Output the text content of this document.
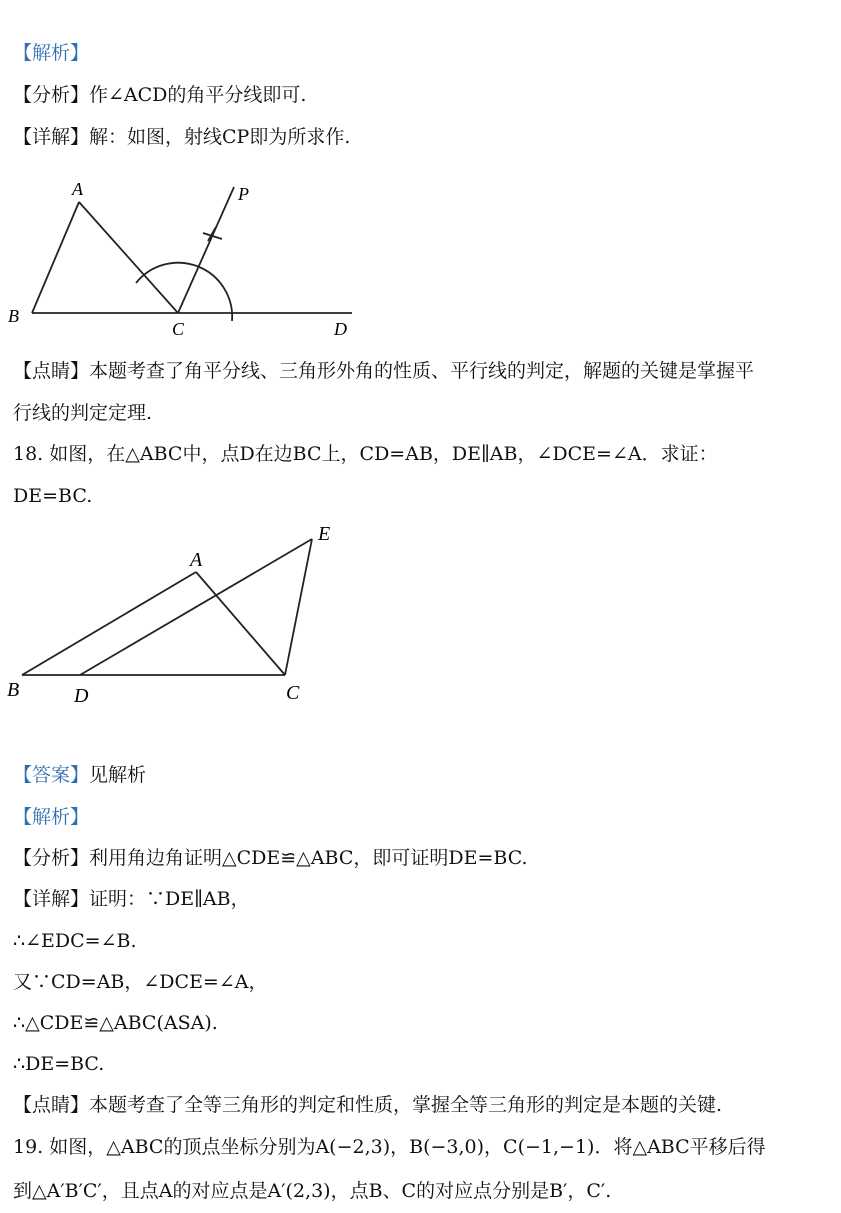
【解析】
【分析】作∠ACD的角平分线即可.
【详解】解：如图，射线CP即为所求作.
A
B
C	D
P
【点睛】本题考查了角平分线、三角形外角的性质、平行线的判定，解题的关键是掌握平
行线的判定定理.
18. 如图，在△ABC中，点D在边BC上，CD=AB，DE∥AB，∠DCE=∠A．求证：
DE=BC.
A
B	C
D
E
【答案】见解析
【解析】
【分析】利用角边角证明△CDE≌△ABC，即可证明DE=BC.
【详解】证明：∵DE∥AB，
∴∠EDC=∠B.
又∵CD=AB，∠DCE=∠A，
∴△CDE≌△ABC(ASA).
∴DE=BC.
【点睛】本题考查了全等三角形的判定和性质，掌握全等三角形的判定是本题的关键.
19. 如图，△ABC的顶点坐标分别为A(−2,3)，B(−3,0)，C(−1,−1)．将△ABC平移后得
到△A′B′C′，且点A的对应点是A′(2,3)，点B、C的对应点分别是B′，C′.
